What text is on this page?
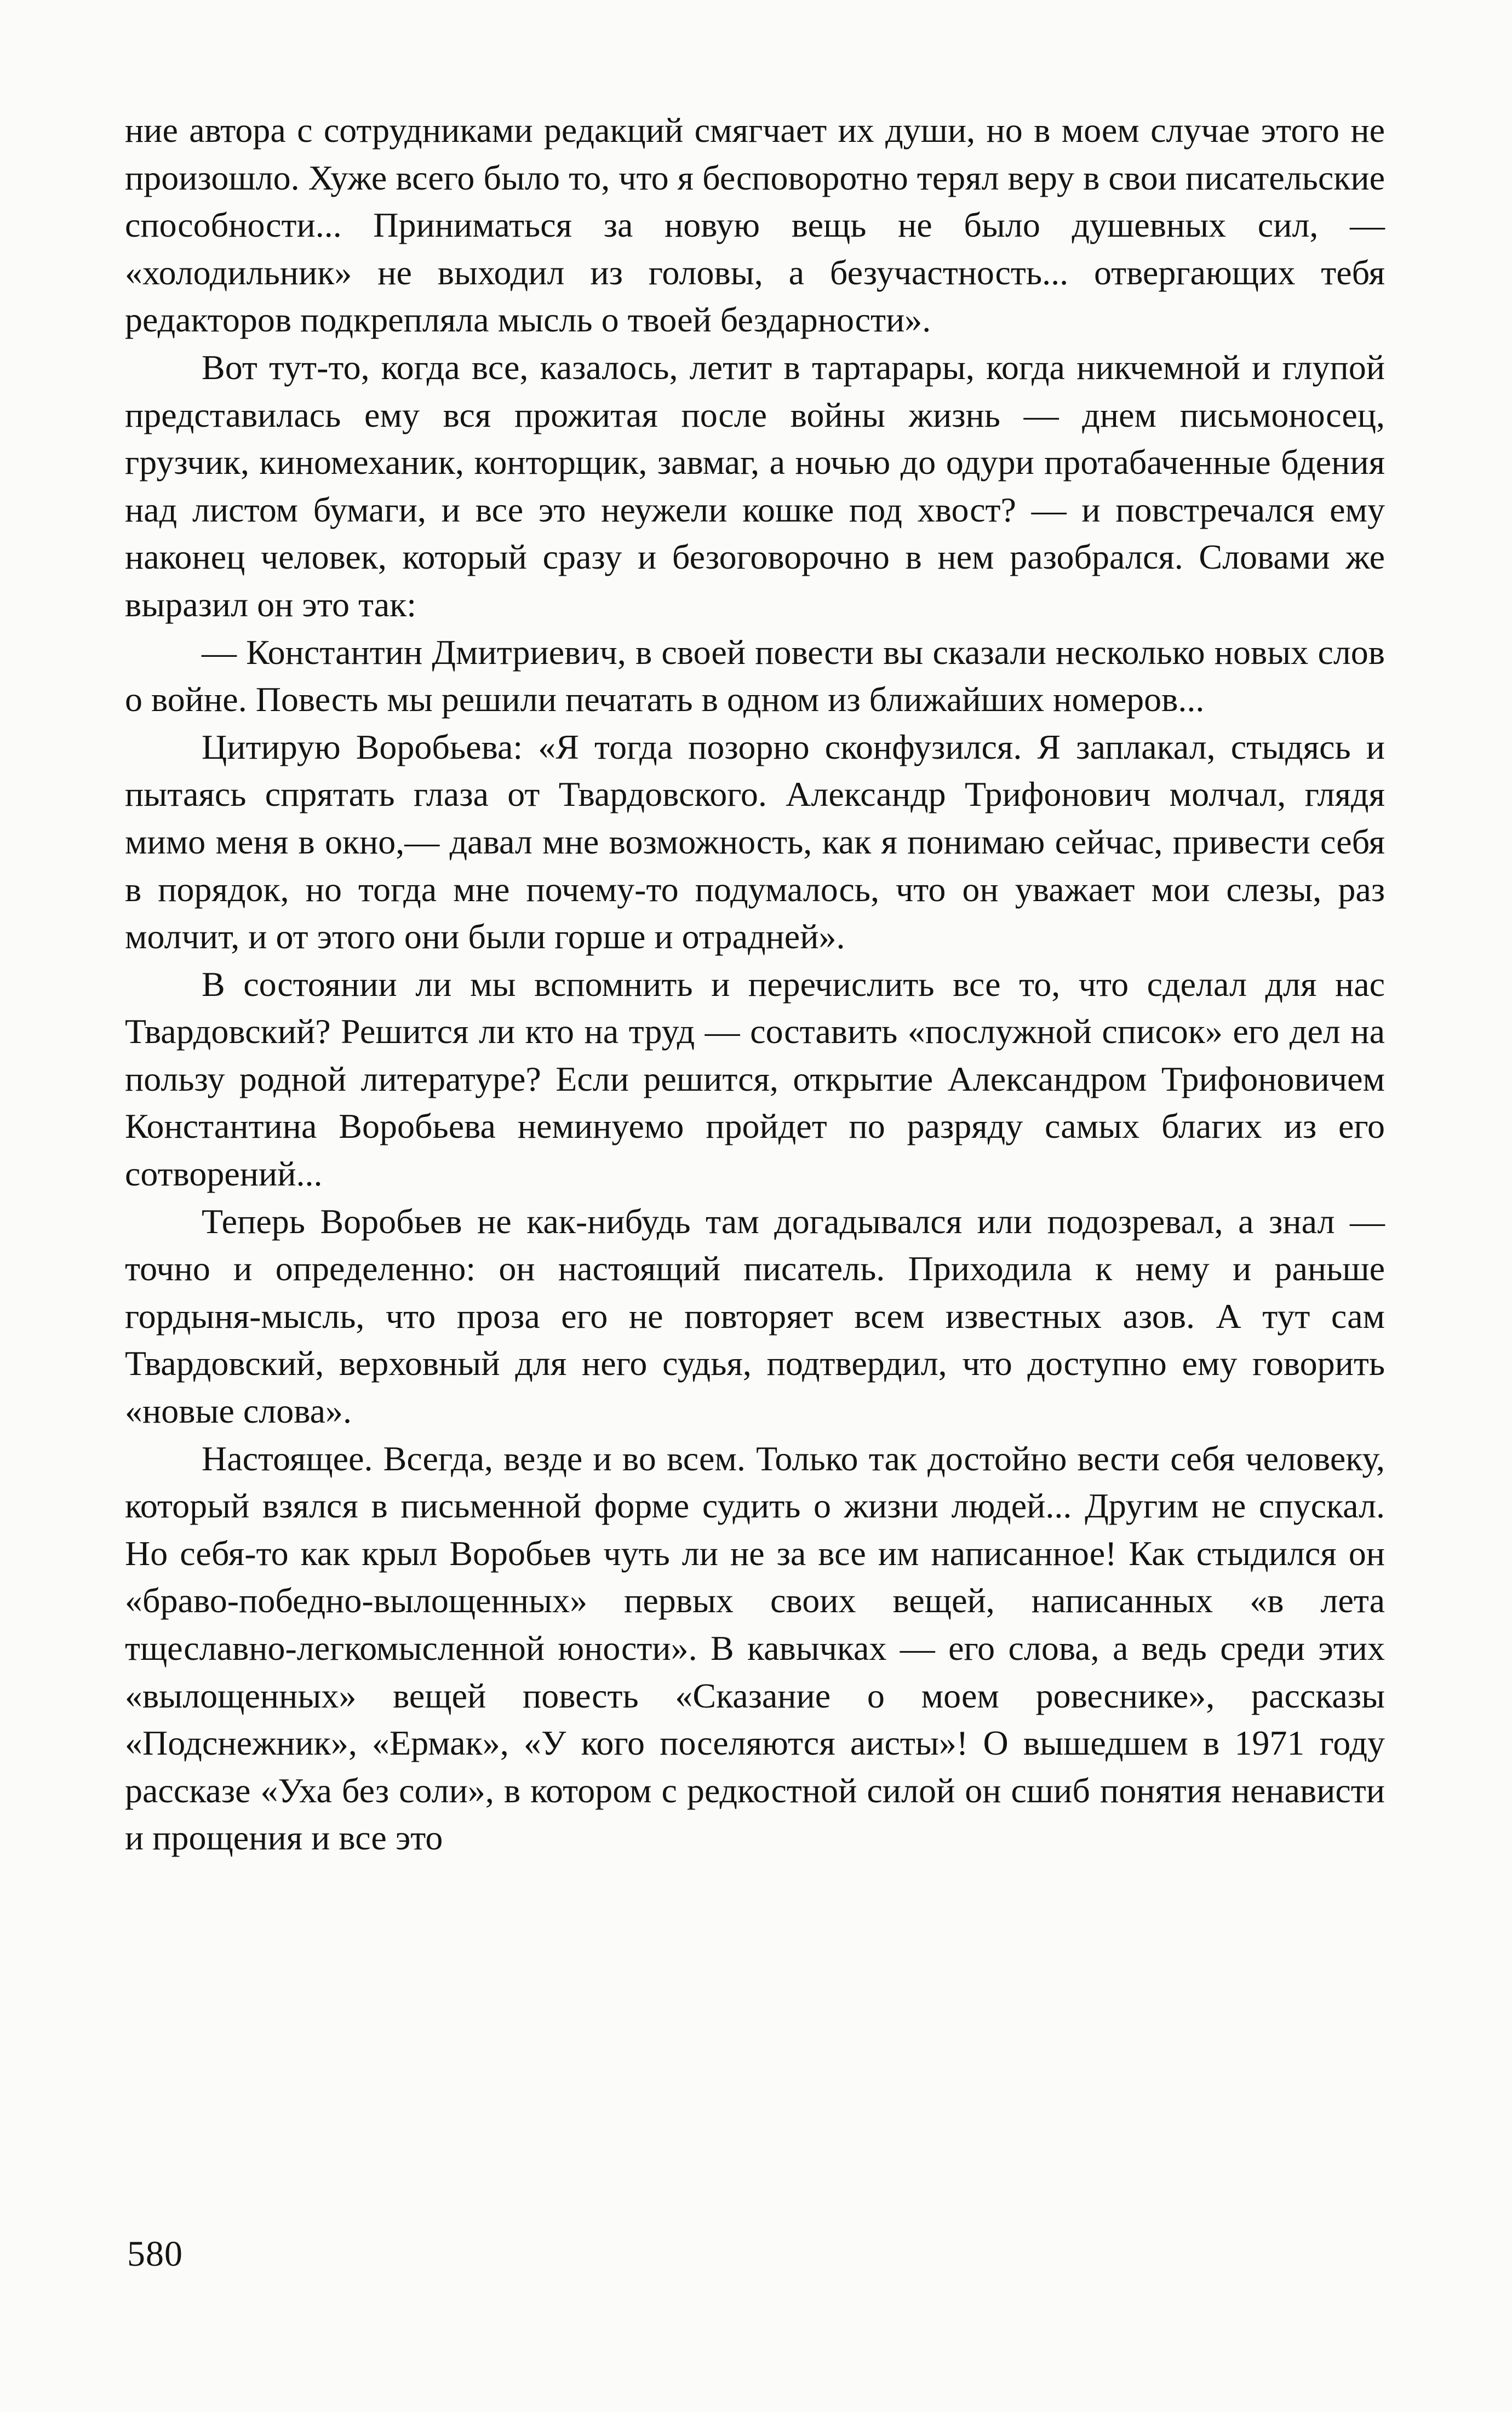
ние автора с сотрудниками редакций смягчает их души, но в моем случае этого не произошло. Хуже всего было то, что я бесповоротно терял веру в свои писательские способности... Приниматься за новую вещь не было душевных сил, — «холодильник» не выходил из головы, а безучастность... отвергающих тебя редакторов подкрепляла мысль о твоей бездарности».

Вот тут-то, когда все, казалось, летит в тартарары, когда никчемной и глупой представилась ему вся прожитая после войны жизнь — днем письмоносец, грузчик, киномеханик, конторщик, завмаг, а ночью до одури протабаченные бдения над листом бумаги, и все это неужели кошке под хвост? — и повстречался ему наконец человек, который сразу и безоговорочно в нем разобрался. Словами же выразил он это так:

— Константин Дмитриевич, в своей повести вы сказали несколько новых слов о войне. Повесть мы решили печатать в одном из ближайших номеров...

Цитирую Воробьева: «Я тогда позорно сконфузился. Я заплакал, стыдясь и пытаясь спрятать глаза от Твардовского. Александр Трифонович молчал, глядя мимо меня в окно,— давал мне возможность, как я понимаю сейчас, привести себя в порядок, но тогда мне почему-то подумалось, что он уважает мои слезы, раз молчит, и от этого они были горше и отрадней».

В состоянии ли мы вспомнить и перечислить все то, что сделал для нас Твардовский? Решится ли кто на труд — составить «послужной список» его дел на пользу родной литературе? Если решится, открытие Александром Трифоновичем Константина Воробьева неминуемо пройдет по разряду самых благих из его сотворений...

Теперь Воробьев не как-нибудь там догадывался или подозревал, а знал — точно и определенно: он настоящий писатель. Приходила к нему и раньше гордыня-мысль, что проза его не повторяет всем известных азов. А тут сам Твардовский, верховный для него судья, подтвердил, что доступно ему говорить «новые слова».

Настоящее. Всегда, везде и во всем. Только так достойно вести себя человеку, который взялся в письменной форме судить о жизни людей... Другим не спускал. Но себя-то как крыл Воробьев чуть ли не за все им написанное! Как стыдился он «браво-победно-вылощенных» первых своих вещей, написанных «в лета тщеславно-легкомысленной юности». В кавычках — его слова, а ведь среди этих «вылощенных» вещей повесть «Сказание о моем ровеснике», рассказы «Подснежник», «Ермак», «У кого поселяются аисты»! О вышедшем в 1971 году рассказе «Уха без соли», в котором с редкостной силой он сшиб понятия ненависти и прощения и все это

580
